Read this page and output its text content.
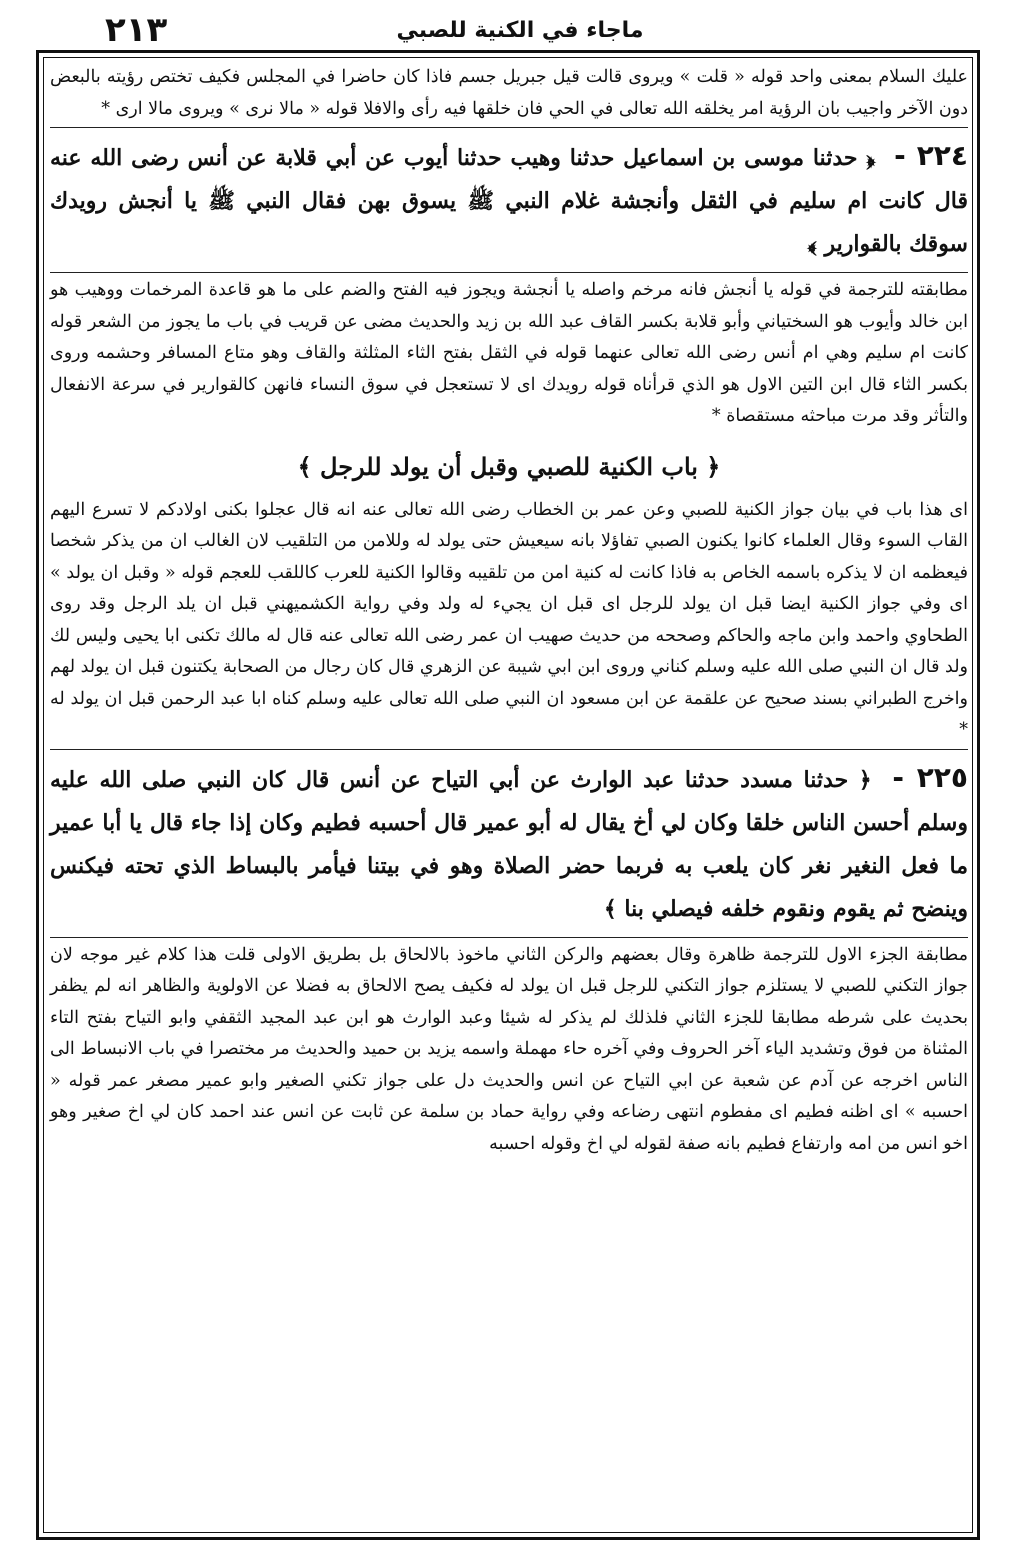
٢١٣	ماجاء في الكنية للصبي

عليك السلام بمعنى واحد قوله « قلت » ويروى قالت قيل جبريل جسم فاذا كان حاضرا في المجلس فكيف تختص رؤيته بالبعض دون الآخر واجيب بان الرؤية امر يخلقه الله تعالى في الحي فان خلقها فيه رأى والافلا قوله « مالا نرى » ويروى مالا ارى *

٢٢٤ - ﴿ حدثنا موسى بن اسماعيل حدثنا وهيب حدثنا أيوب عن أبي قلابة عن أنس رضى الله عنه قال كانت ام سليم في الثقل وأنجشة غلام النبي ﷺ يسوق بهن فقال النبي ﷺ يا أنجش رويدك سوقك بالقوارير ﴾

مطابقته للترجمة في قوله يا أنجش فانه مرخم واصله يا أنجشة ويجوز فيه الفتح والضم على ما هو قاعدة المرخمات ووهيب هو ابن خالد وأيوب هو السختياني وأبو قلابة بكسر القاف عبد الله بن زيد والحديث مضى عن قريب في باب ما يجوز من الشعر قوله كانت ام سليم وهي ام أنس رضى الله تعالى عنهما قوله في الثقل بفتح الثاء المثلثة والقاف وهو متاع المسافر وحشمه وروى بكسر الثاء قال ابن التين الاول هو الذي قرأناه قوله رويدك اى لا تستعجل في سوق النساء فانهن كالقوارير في سرعة الانفعال والتأثر وقد مرت مباحثه مستقصاة *

﴿ باب الكنية للصبي وقبل أن يولد للرجل ﴾

اى هذا باب في بيان جواز الكنية للصبي وعن عمر بن الخطاب رضى الله تعالى عنه انه قال عجلوا بكنى اولادكم لا تسرع اليهم القاب السوء وقال العلماء كانوا يكنون الصبي تفاؤلا بانه سيعيش حتى يولد له وللامن من التلقيب لان الغالب ان من يذكر شخصا فيعظمه ان لا يذكره باسمه الخاص به فاذا كانت له كنية امن من تلقيبه وقالوا الكنية للعرب كاللقب للعجم قوله « وقبل ان يولد » اى وفي جواز الكنية ايضا قبل ان يولد للرجل اى قبل ان يجيء له ولد وفي رواية الكشميهني قبل ان يلد الرجل وقد روى الطحاوي واحمد وابن ماجه والحاكم وصححه من حديث صهيب ان عمر رضى الله تعالى عنه قال له مالك تكنى ابا يحيى وليس لك ولد قال ان النبي صلى الله عليه وسلم كناني وروى ابن ابي شيبة عن الزهري قال كان رجال من الصحابة يكتنون قبل ان يولد لهم واخرج الطبراني بسند صحيح عن علقمة عن ابن مسعود ان النبي صلى الله تعالى عليه وسلم كناه ابا عبد الرحمن قبل ان يولد له *

٢٢٥ - ﴿ حدثنا مسدد حدثنا عبد الوارث عن أبي التياح عن أنس قال كان النبي صلى الله عليه وسلم أحسن الناس خلقا وكان لي أخ يقال له أبو عمير قال أحسبه فطيم وكان إذا جاء قال يا أبا عمير ما فعل النغير نغر كان يلعب به فربما حضر الصلاة وهو في بيتنا فيأمر بالبساط الذي تحته فيكنس وينضح ثم يقوم ونقوم خلفه فيصلي بنا ﴾

مطابقة الجزء الاول للترجمة ظاهرة وقال بعضهم والركن الثاني ماخوذ بالالحاق بل بطريق الاولى قلت هذا كلام غير موجه لان جواز التكني للصبي لا يستلزم جواز التكني للرجل قبل ان يولد له فكيف يصح الالحاق به فضلا عن الاولوية والظاهر انه لم يظفر بحديث على شرطه مطابقا للجزء الثاني فلذلك لم يذكر له شيئا وعبد الوارث هو ابن عبد المجيد الثقفي وابو التياح بفتح التاء المثناة من فوق وتشديد الياء آخر الحروف وفي آخره حاء مهملة واسمه يزيد بن حميد والحديث مر مختصرا في باب الانبساط الى الناس اخرجه عن آدم عن شعبة عن ابي التياح عن انس والحديث دل على جواز تكني الصغير وابو عمير مصغر عمر قوله « احسبه » اى اظنه فطيم اى مفطوم انتهى رضاعه وفي رواية حماد بن سلمة عن ثابت عن انس عند احمد كان لي اخ صغير وهو اخو انس من امه وارتفاع فطيم بانه صفة لقوله لي اخ وقوله احسبه
